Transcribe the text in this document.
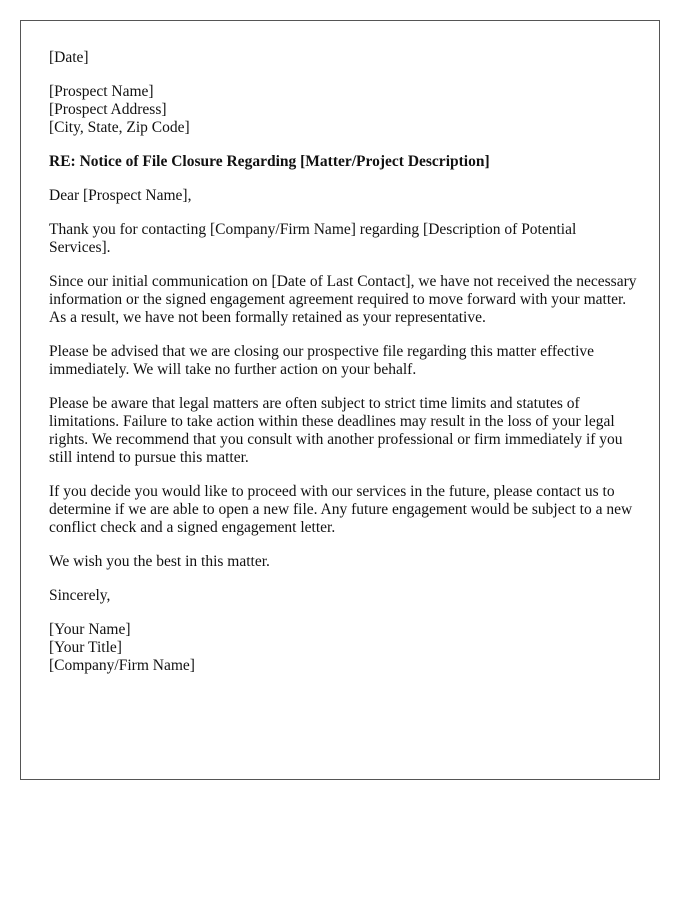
[Date]

[Prospect Name]
[Prospect Address]
[City, State, Zip Code]

RE: Notice of File Closure Regarding [Matter/Project Description]

Dear [Prospect Name],

Thank you for contacting [Company/Firm Name] regarding [Description of Potential Services].

Since our initial communication on [Date of Last Contact], we have not received the necessary information or the signed engagement agreement required to move forward with your matter. As a result, we have not been formally retained as your representative.

Please be advised that we are closing our prospective file regarding this matter effective immediately. We will take no further action on your behalf.

Please be aware that legal matters are often subject to strict time limits and statutes of limitations. Failure to take action within these deadlines may result in the loss of your legal rights. We recommend that you consult with another professional or firm immediately if you still intend to pursue this matter.

If you decide you would like to proceed with our services in the future, please contact us to determine if we are able to open a new file. Any future engagement would be subject to a new conflict check and a signed engagement letter.

We wish you the best in this matter.

Sincerely,

[Your Name]
[Your Title]
[Company/Firm Name]
